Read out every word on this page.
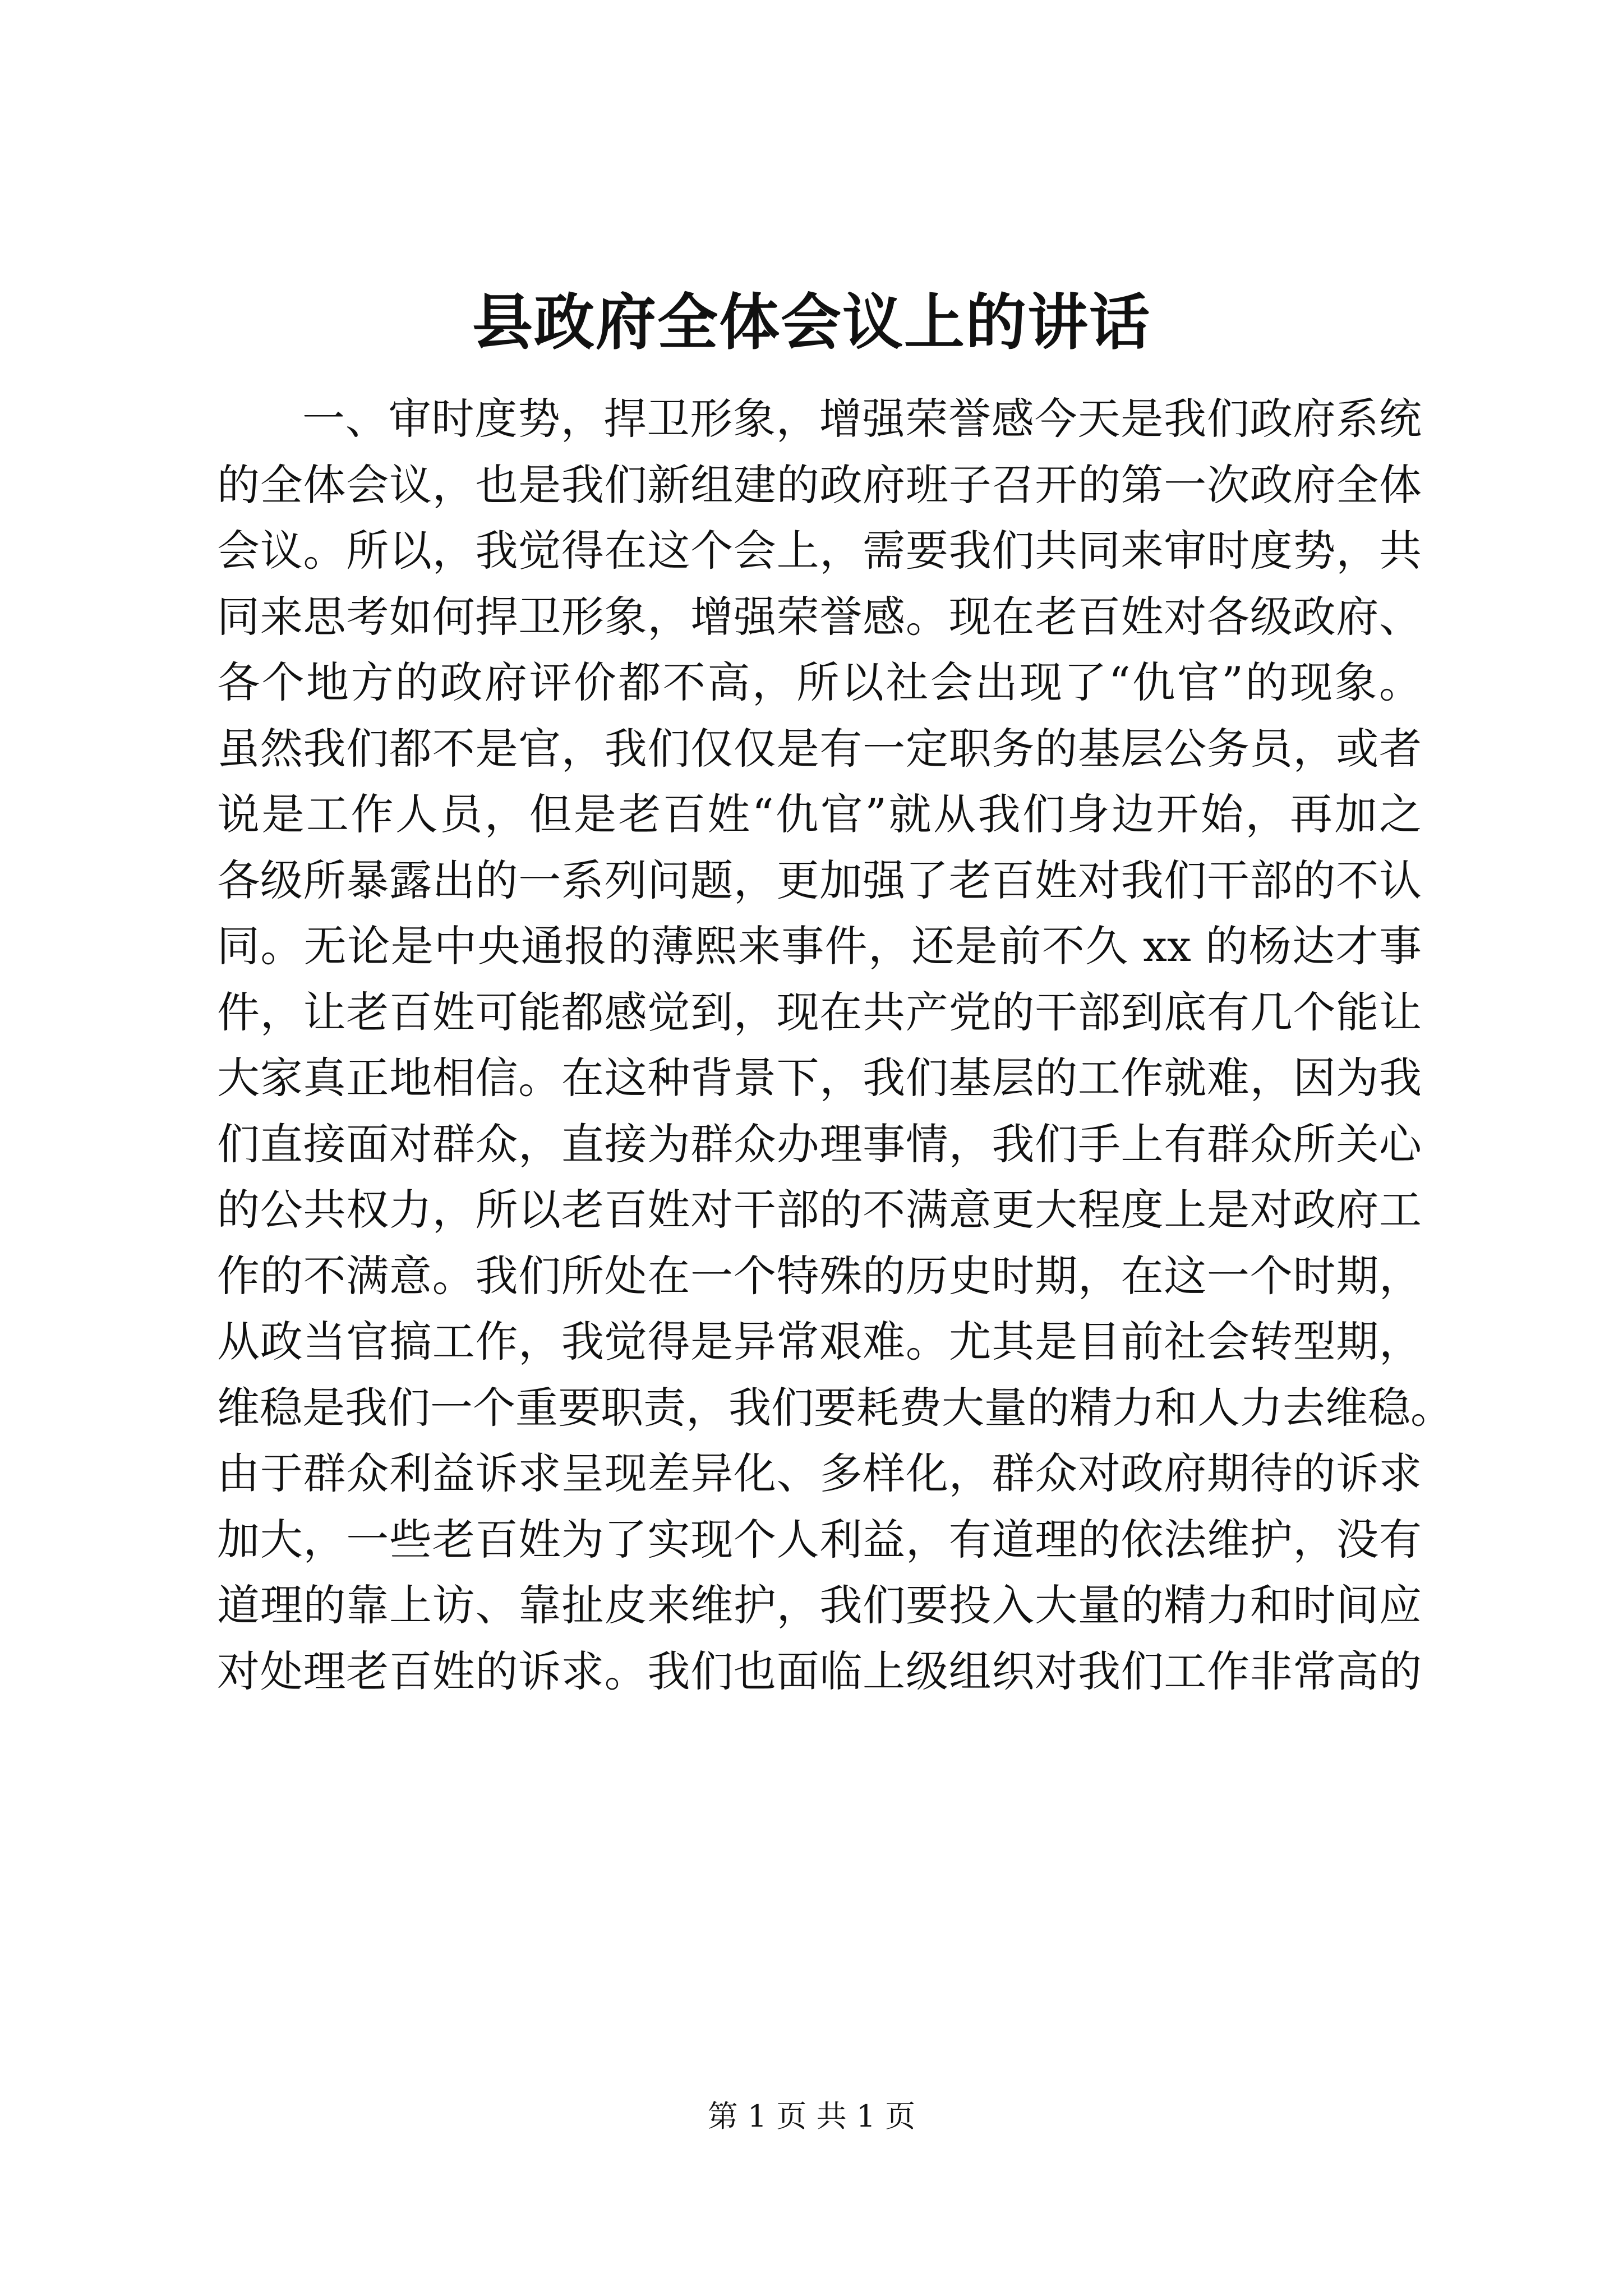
县政府全体会议上的讲话
一、审时度势，捍卫形象，增强荣誉感今天是我们政府系统
的全体会议，也是我们新组建的政府班子召开的第一次政府全体
会议。所以，我觉得在这个会上，需要我们共同来审时度势，共
同来思考如何捍卫形象，增强荣誉感。现在老百姓对各级政府、
各个地方的政府评价都不高，所以社会出现了“仇官”的现象。
虽然我们都不是官，我们仅仅是有一定职务的基层公务员，或者
说是工作人员，但是老百姓“仇官”就从我们身边开始，再加之
各级所暴露出的一系列问题，更加强了老百姓对我们干部的不认
同。无论是中央通报的薄熙来事件，还是前不久 xx 的杨达才事
件，让老百姓可能都感觉到，现在共产党的干部到底有几个能让
大家真正地相信。在这种背景下，我们基层的工作就难，因为我
们直接面对群众，直接为群众办理事情，我们手上有群众所关心
的公共权力，所以老百姓对干部的不满意更大程度上是对政府工
作的不满意。我们所处在一个特殊的历史时期，在这一个时期，
从政当官搞工作，我觉得是异常艰难。尤其是目前社会转型期，
维稳是我们一个重要职责，我们要耗费大量的精力和人力去维稳。
由于群众利益诉求呈现差异化、多样化，群众对政府期待的诉求
加大，一些老百姓为了实现个人利益，有道理的依法维护，没有
道理的靠上访、靠扯皮来维护，我们要投入大量的精力和时间应
对处理老百姓的诉求。我们也面临上级组织对我们工作非常高的
第 1 页 共 1 页
